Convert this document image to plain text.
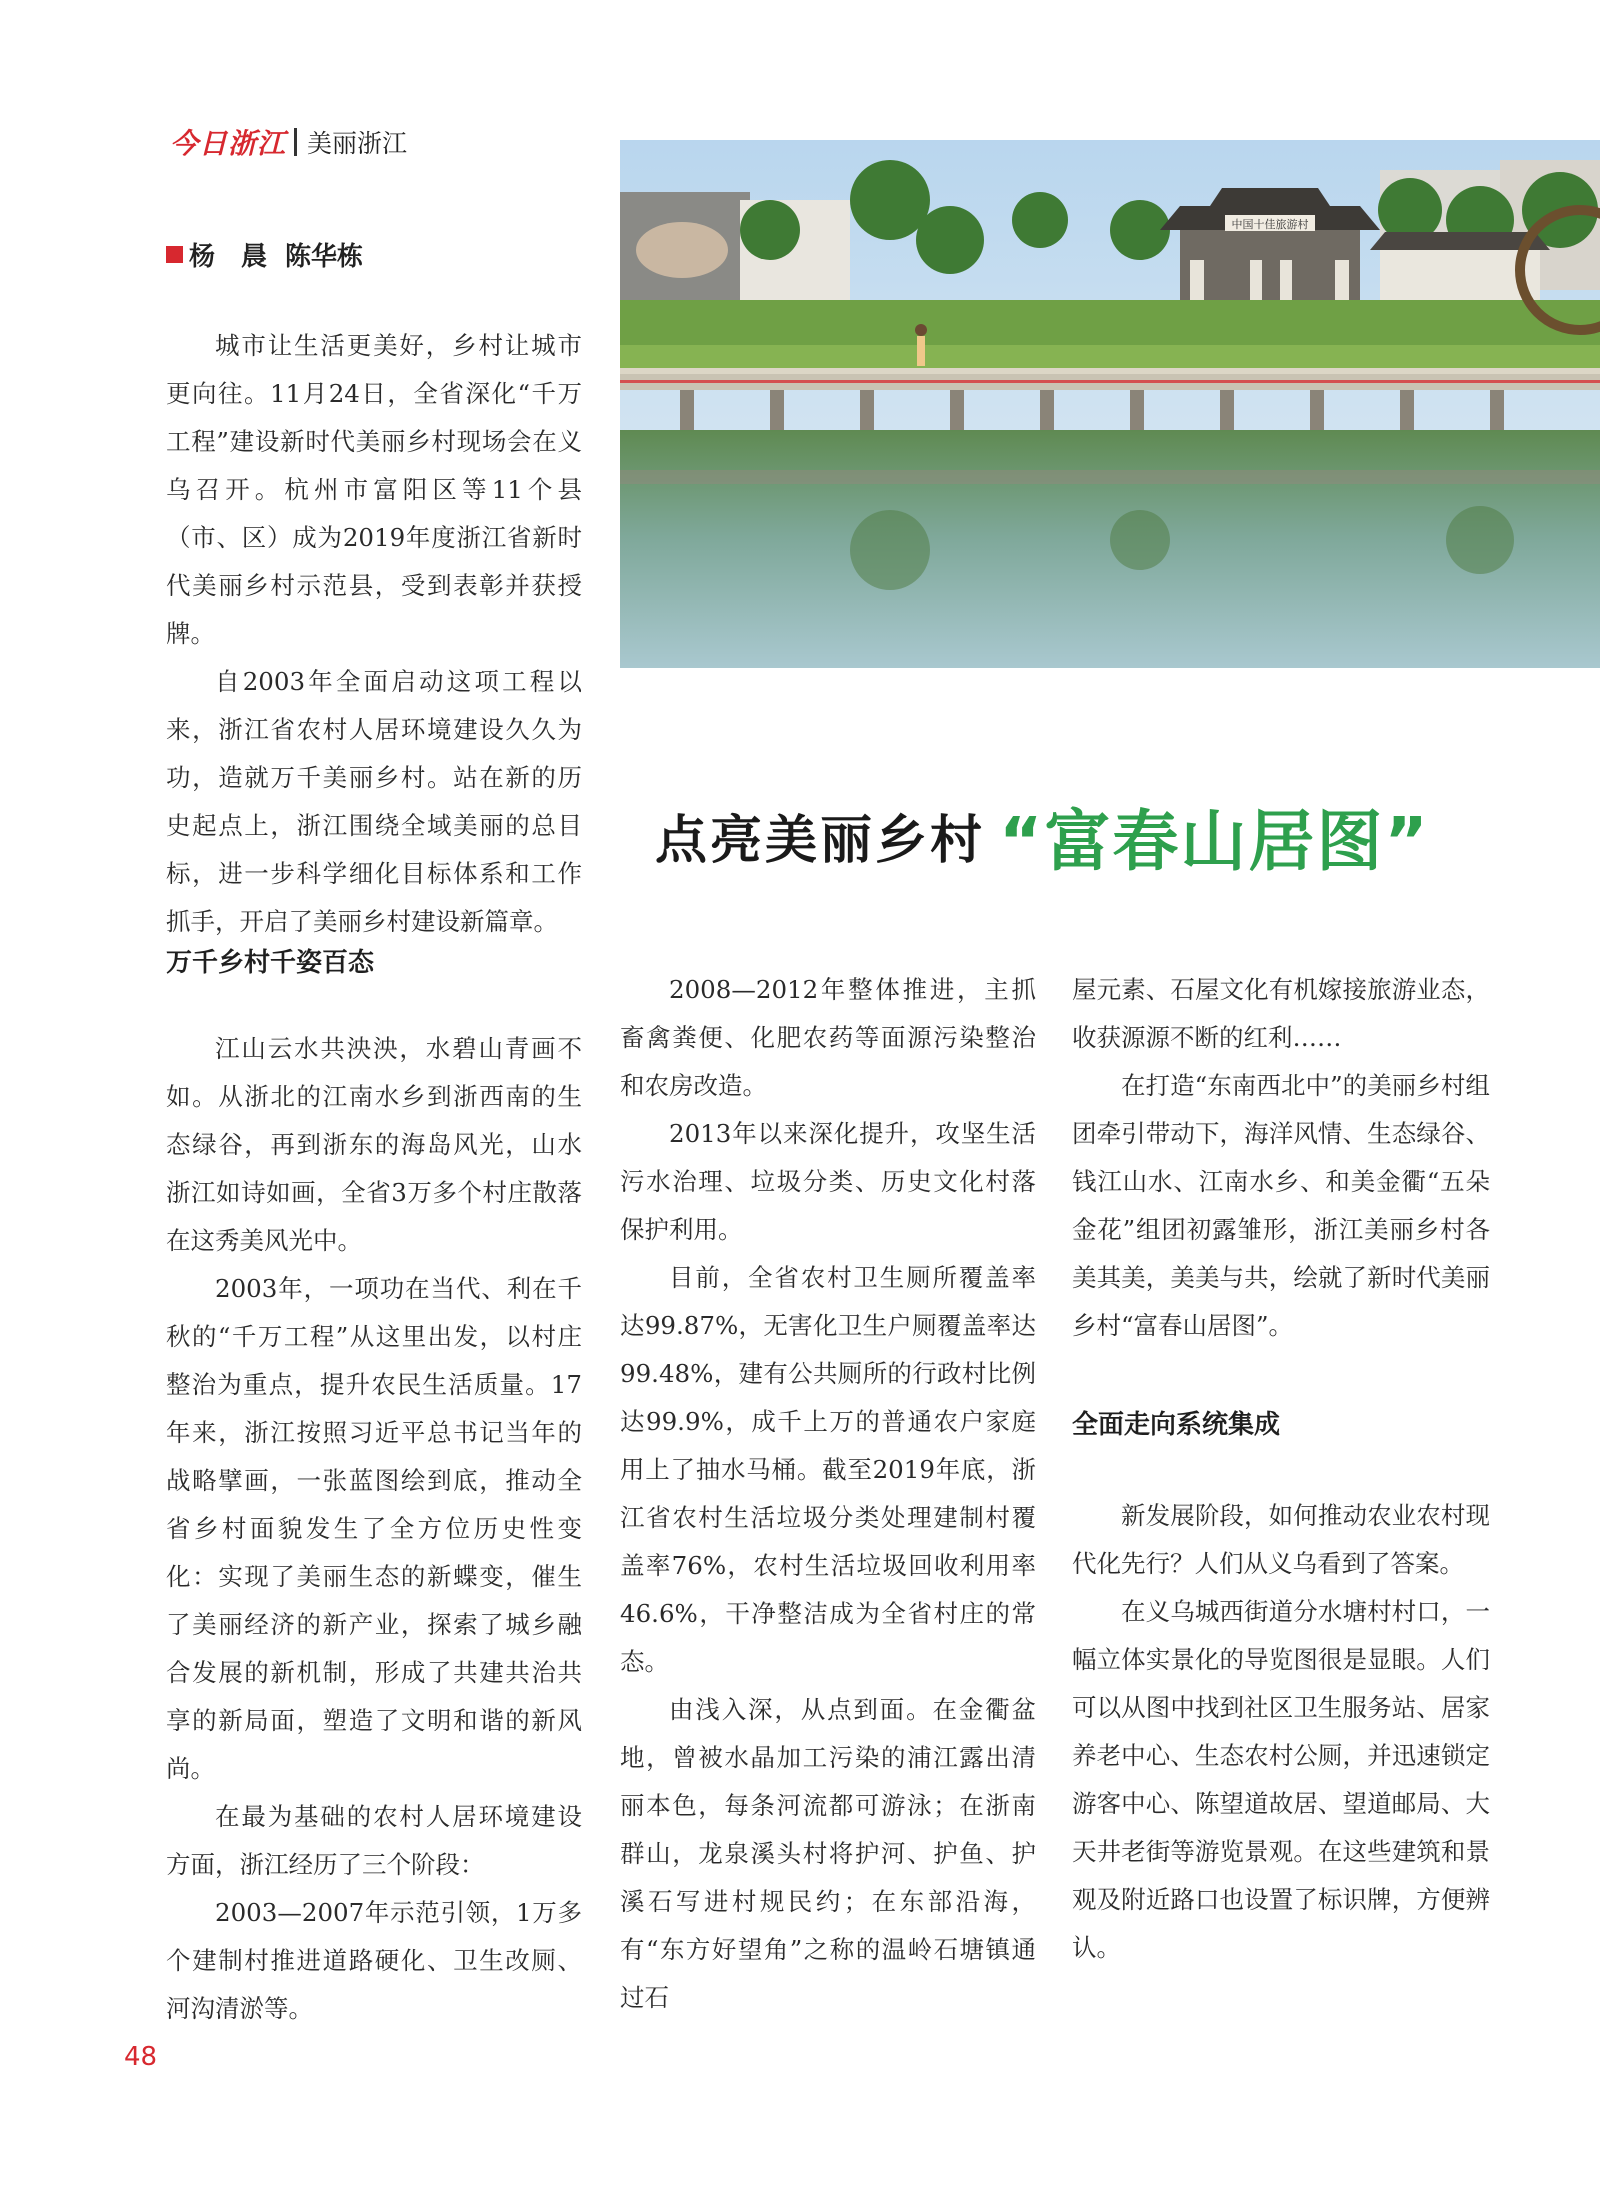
今日浙江 美丽浙江
杨　晨 陈华栋
中国十佳旅游村
点亮美丽乡村 “富春山居图”

城市让生活更美好，乡村让城市更向往。11月24日，全省深化“千万工程”建设新时代美丽乡村现场会在义乌召开。杭州市富阳区等11个县（市、区）成为2019年度浙江省新时代美丽乡村示范县，受到表彰并获授牌。

自2003年全面启动这项工程以来，浙江省农村人居环境建设久久为功，造就万千美丽乡村。站在新的历史起点上，浙江围绕全域美丽的总目标，进一步科学细化目标体系和工作抓手，开启了美丽乡村建设新篇章。

万千乡村千姿百态

江山云水共泱泱，水碧山青画不如。从浙北的江南水乡到浙西南的生态绿谷，再到浙东的海岛风光，山水浙江如诗如画，全省3万多个村庄散落在这秀美风光中。

2003年，一项功在当代、利在千秋的“千万工程”从这里出发，以村庄整治为重点，提升农民生活质量。17年来，浙江按照习近平总书记当年的战略擘画，一张蓝图绘到底，推动全省乡村面貌发生了全方位历史性变化：实现了美丽生态的新蝶变，催生了美丽经济的新产业，探索了城乡融合发展的新机制，形成了共建共治共享的新局面，塑造了文明和谐的新风尚。

在最为基础的农村人居环境建设方面，浙江经历了三个阶段：

2003—2007年示范引领，1万多个建制村推进道路硬化、卫生改厕、河沟清淤等。

2008—2012年整体推进，主抓畜禽粪便、化肥农药等面源污染整治和农房改造。

2013年以来深化提升，攻坚生活污水治理、垃圾分类、历史文化村落保护利用。

目前，全省农村卫生厕所覆盖率达99.87%，无害化卫生户厕覆盖率达99.48%，建有公共厕所的行政村比例达99.9%，成千上万的普通农户家庭用上了抽水马桶。截至2019年底，浙江省农村生活垃圾分类处理建制村覆盖率76%，农村生活垃圾回收利用率46.6%，干净整洁成为全省村庄的常态。

由浅入深，从点到面。在金衢盆地，曾被水晶加工污染的浦江露出清丽本色，每条河流都可游泳；在浙南群山，龙泉溪头村将护河、护鱼、护溪石写进村规民约；在东部沿海，有“东方好望角”之称的温岭石塘镇通过石

屋元素、石屋文化有机嫁接旅游业态，收获源源不断的红利……

在打造“东南西北中”的美丽乡村组团牵引带动下，海洋风情、生态绿谷、钱江山水、江南水乡、和美金衢“五朵金花”组团初露雏形，浙江美丽乡村各美其美，美美与共，绘就了新时代美丽乡村“富春山居图”。

全面走向系统集成

新发展阶段，如何推动农业农村现代化先行？人们从义乌看到了答案。

在义乌城西街道分水塘村村口，一幅立体实景化的导览图很是显眼。人们可以从图中找到社区卫生服务站、居家养老中心、生态农村公厕，并迅速锁定游客中心、陈望道故居、望道邮局、大天井老街等游览景观。在这些建筑和景观及附近路口也设置了标识牌，方便辨认。

48
